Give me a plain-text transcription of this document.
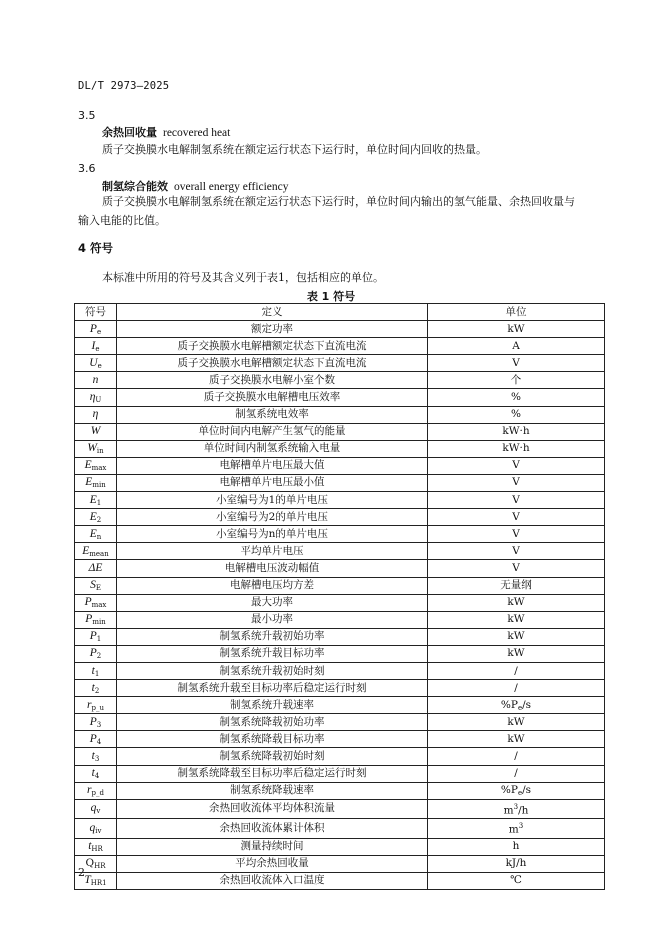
DL/T 2973—2025
3.5
余热回收量 recovered heat
质子交换膜水电解制氢系统在额定运行状态下运行时，单位时间内回收的热量。
3.6
制氢综合能效 overall energy efficiency
质子交换膜水电解制氢系统在额定运行状态下运行时，单位时间内输出的氢气能量、余热回收量与
输入电能的比值。
4 符号
本标准中所用的符号及其含义列于表1，包括相应的单位。
表 1 符号
符号	定义	单位
$P_e$	额定功率	kW
$I_e$	质子交换膜水电解槽额定状态下直流电流	A
$U_e$	质子交换膜水电解槽额定状态下直流电流	V
n	质子交换膜水电解小室个数	个
$\eta_U$	质子交换膜水电解槽电压效率	%
η	制氢系统电效率	%
W	单位时间内电解产生氢气的能量	kW·h
$W_{in}$	单位时间内制氢系统输入电量	kW·h
$E_{max}$	电解槽单片电压最大值	V
$E_{min}$	电解槽单片电压最小值	V
$E_1$	小室编号为1的单片电压	V
$E_2$	小室编号为2的单片电压	V
$E_n$	小室编号为n的单片电压	V
$E_{mean}$	平均单片电压	V
ΔE	电解槽电压波动幅值	V
$S_E$	电解槽电压均方差	无量纲
$P_{max}$	最大功率	kW
$P_{min}$	最小功率	kW
$P_1$	制氢系统升载初始功率	kW
$P_2$	制氢系统升载目标功率	kW
$t_1$	制氢系统升载初始时刻	/
$t_2$	制氢系统升载至目标功率后稳定运行时刻	/
$r_{p\_u}$	制氢系统升载速率	$\%P_e/s$
$P_3$	制氢系统降载初始功率	kW
$P_4$	制氢系统降载目标功率	kW
$t_3$	制氢系统降载初始时刻	/
$t_4$	制氢系统降载至目标功率后稳定运行时刻	/
$r_{p\_d}$	制氢系统降载速率	$\%P_e/s$
$q_v$	余热回收流体平均体积流量	$m^3/h$
$q_{iv}$	余热回收流体累计体积	$m^3$
$t_{HR}$	测量持续时间	h
$Q_{HR}$	平均余热回收量	kJ/h
$T_{HR1}$	余热回收流体入口温度	℃
2
